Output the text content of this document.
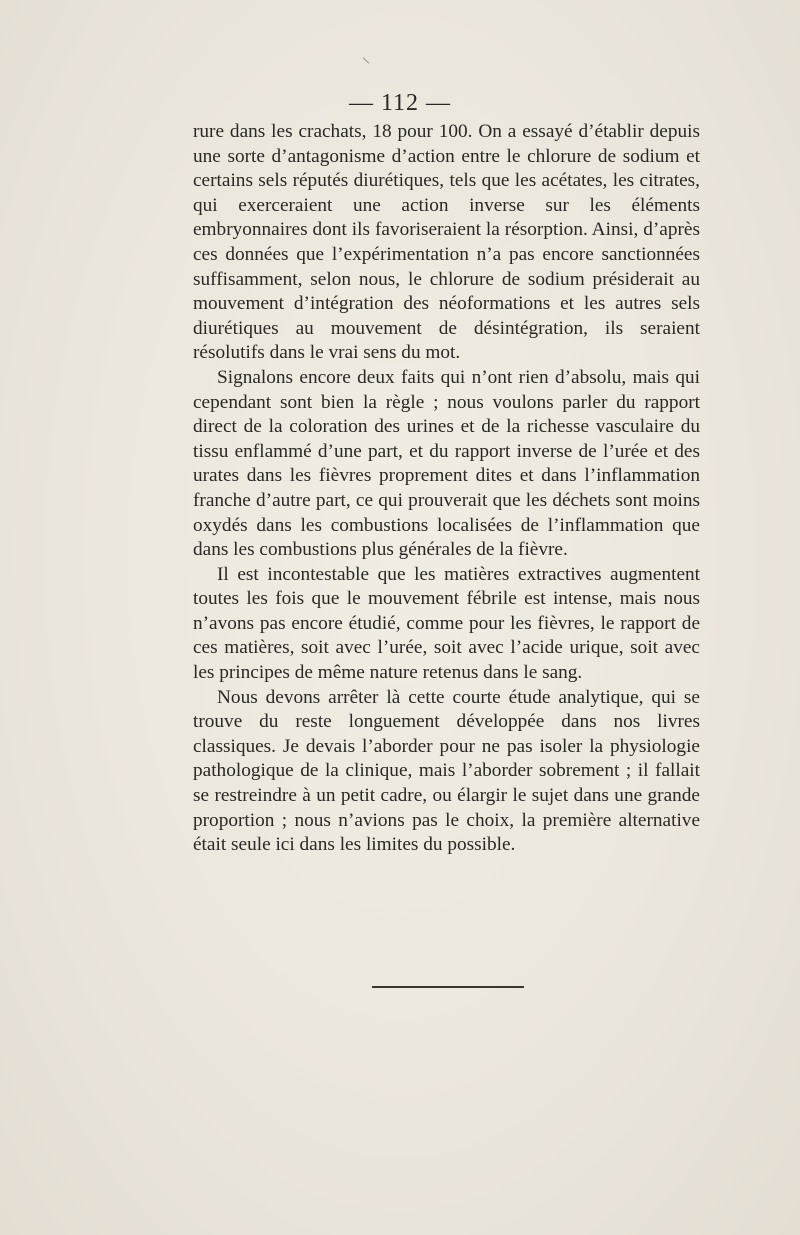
— 112 —

rure dans les crachats, 18 pour 100. On a essayé d’établir depuis une sorte d’antagonisme d’action entre le chlorure de sodium et certains sels réputés diurétiques, tels que les acétates, les citrates, qui exerceraient une action inverse sur les éléments embryonnaires dont ils favoriseraient la résorption. Ainsi, d’après ces données que l’expérimentation n’a pas encore sanctionnées suffisamment, selon nous, le chlorure de sodium présiderait au mouvement d’intégration des néoformations et les autres sels diurétiques au mouvement de désintégration, ils seraient résolutifs dans le vrai sens du mot.

Signalons encore deux faits qui n’ont rien d’absolu, mais qui cependant sont bien la règle ; nous voulons parler du rapport direct de la coloration des urines et de la richesse vasculaire du tissu enflammé d’une part, et du rapport inverse de l’urée et des urates dans les fièvres proprement dites et dans l’inflammation franche d’autre part, ce qui prouverait que les déchets sont moins oxydés dans les combustions localisées de l’inflammation que dans les combustions plus générales de la fièvre.

Il est incontestable que les matières extractives augmentent toutes les fois que le mouvement fébrile est intense, mais nous n’avons pas encore étudié, comme pour les fièvres, le rapport de ces matières, soit avec l’urée, soit avec l’acide urique, soit avec les principes de même nature retenus dans le sang.

Nous devons arrêter là cette courte étude analytique, qui se trouve du reste longuement développée dans nos livres classiques. Je devais l’aborder pour ne pas isoler la physiologie pathologique de la clinique, mais l’aborder sobrement ; il fallait se restreindre à un petit cadre, ou élargir le sujet dans une grande proportion ; nous n’avions pas le choix, la première alternative était seule ici dans les limites du possible.
